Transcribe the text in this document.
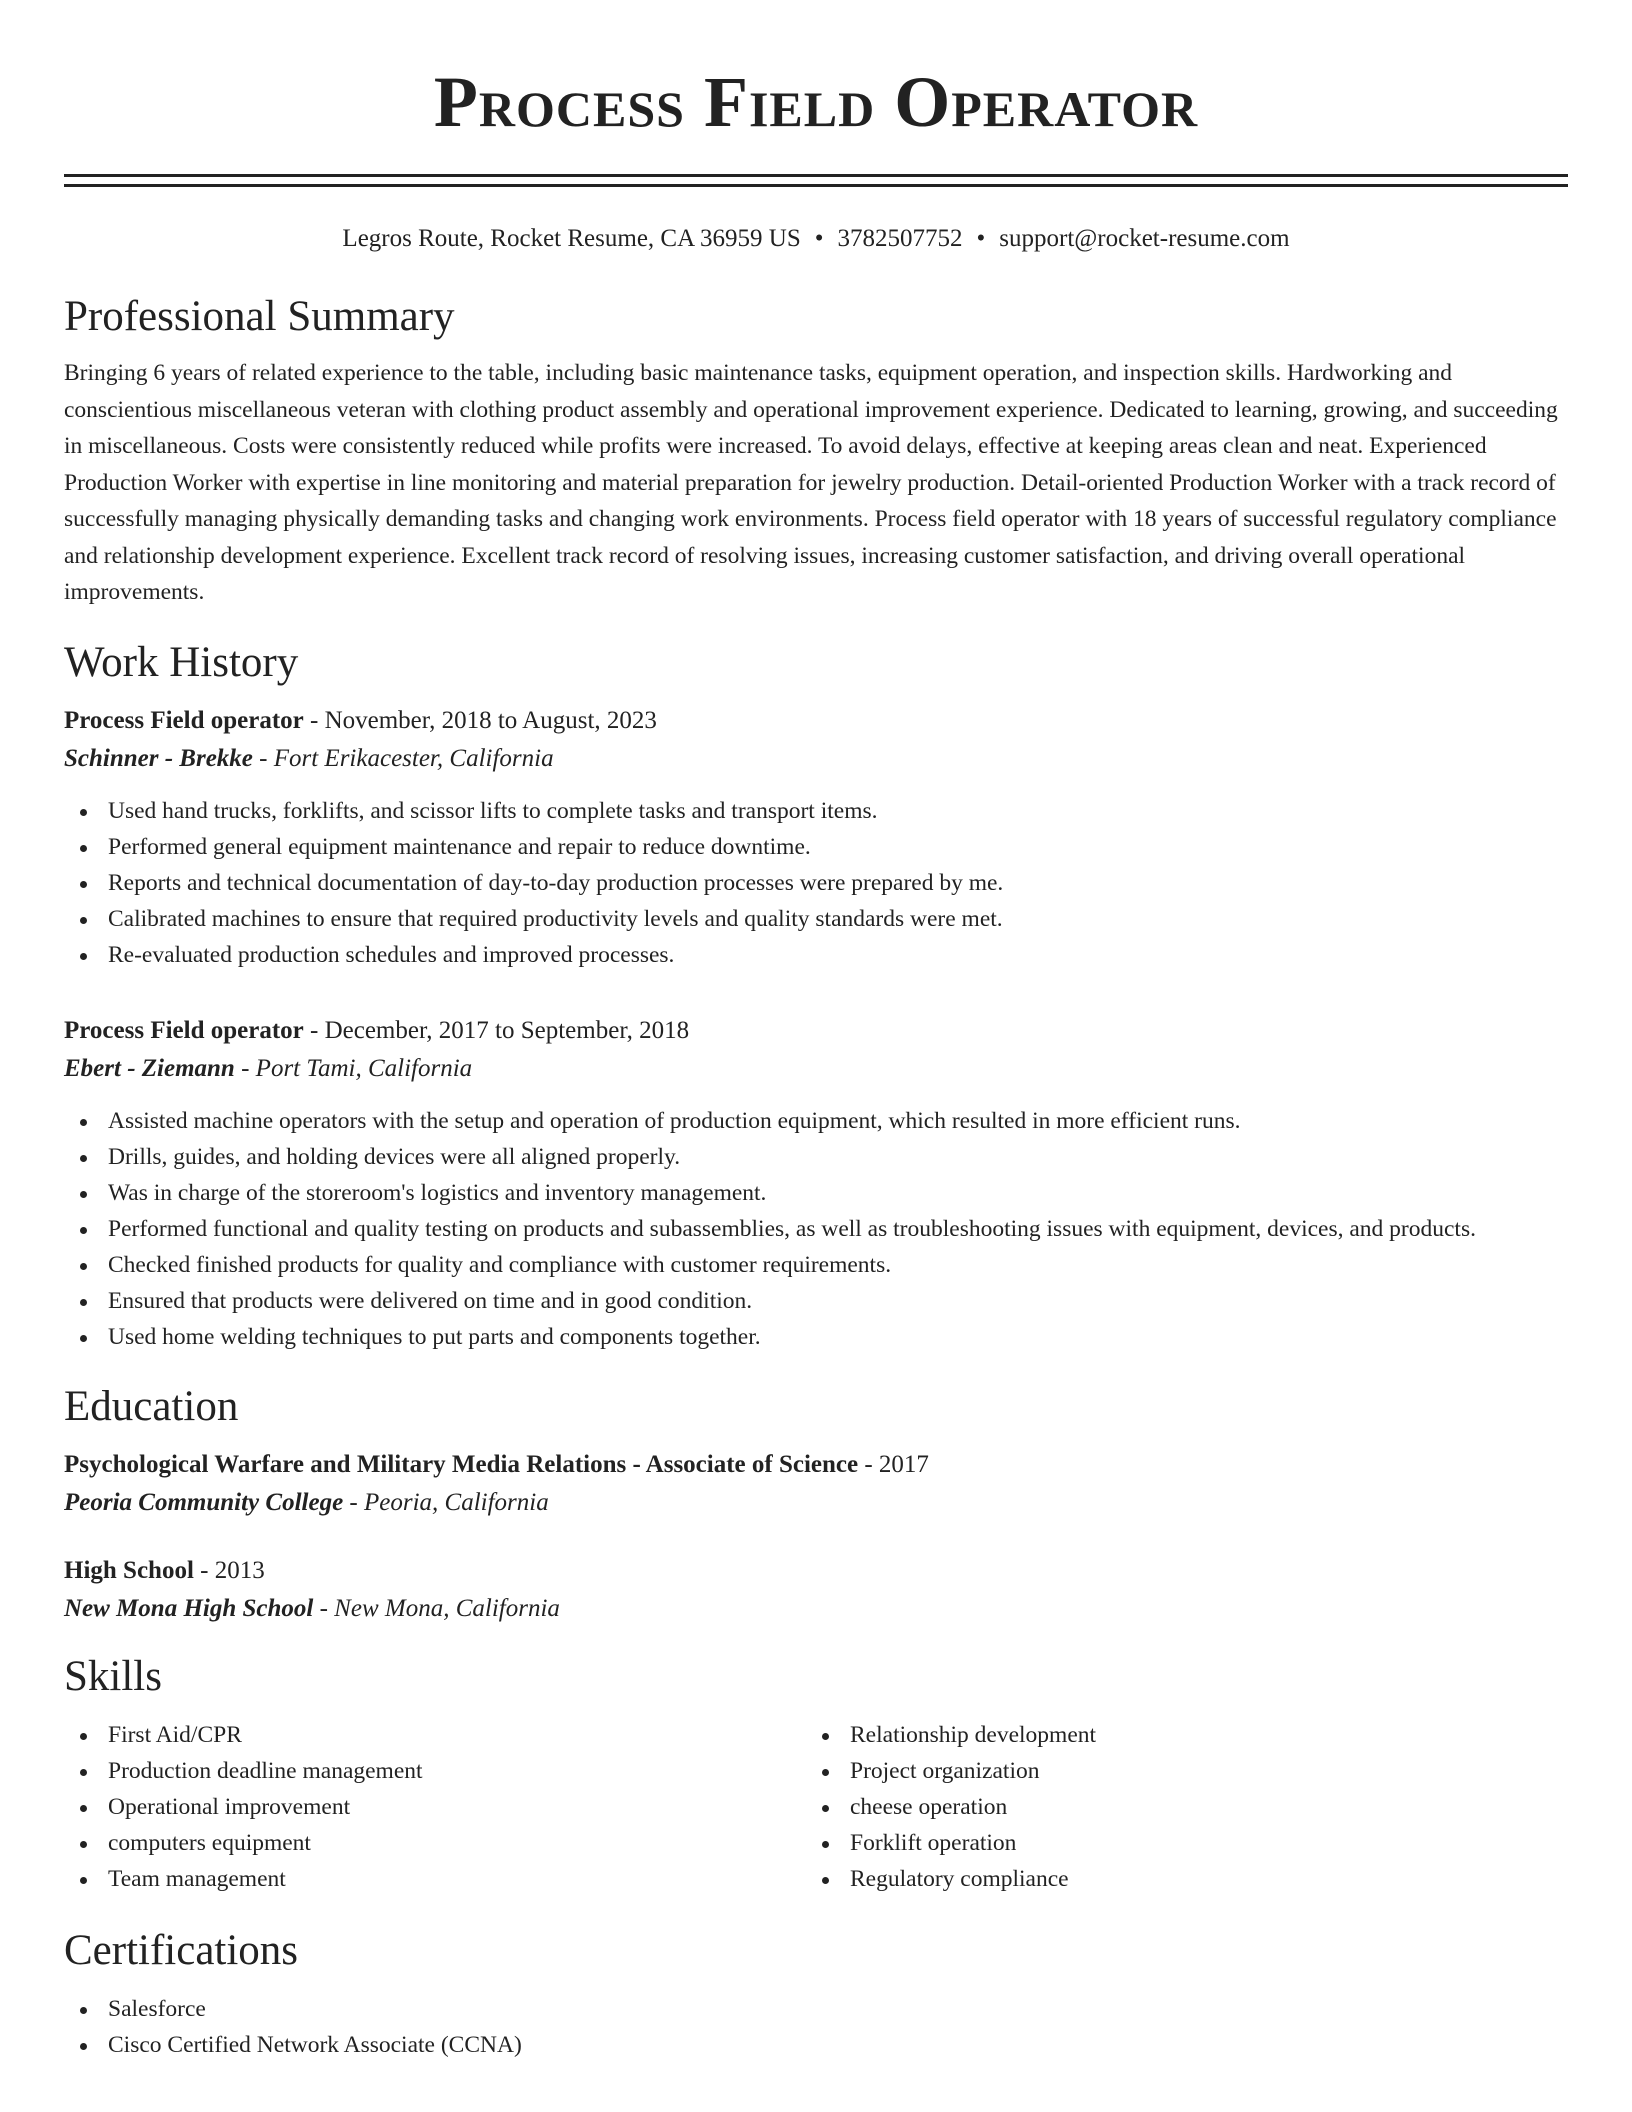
Process Field Operator
Legros Route, Rocket Resume, CA 36959 US • 3782507752 • support@rocket-resume.com
Professional Summary

Bringing 6 years of related experience to the table, including basic maintenance tasks, equipment operation, and inspection skills. Hardworking and conscientious miscellaneous veteran with clothing product assembly and operational improvement experience. Dedicated to learning, growing, and succeeding in miscellaneous. Costs were consistently reduced while profits were increased. To avoid delays, effective at keeping areas clean and neat. Experienced Production Worker with expertise in line monitoring and material preparation for jewelry production. Detail-oriented Production Worker with a track record of successfully managing physically demanding tasks and changing work environments. Process field operator with 18 years of successful regulatory compliance and relationship development experience. Excellent track record of resolving issues, increasing customer satisfaction, and driving overall operational improvements.

Work History
Process Field operator - November, 2018 to August, 2023
Schinner - Brekke - Fort Erikacester, California
Used hand trucks, forklifts, and scissor lifts to complete tasks and transport items.
Performed general equipment maintenance and repair to reduce downtime.
Reports and technical documentation of day-to-day production processes were prepared by me.
Calibrated machines to ensure that required productivity levels and quality standards were met.
Re-evaluated production schedules and improved processes.
Process Field operator - December, 2017 to September, 2018
Ebert - Ziemann - Port Tami, California
Assisted machine operators with the setup and operation of production equipment, which resulted in more efficient runs.
Drills, guides, and holding devices were all aligned properly.
Was in charge of the storeroom's logistics and inventory management.
Performed functional and quality testing on products and subassemblies, as well as troubleshooting issues with equipment, devices, and products.
Checked finished products for quality and compliance with customer requirements.
Ensured that products were delivered on time and in good condition.
Used home welding techniques to put parts and components together.
Education
Psychological Warfare and Military Media Relations - Associate of Science - 2017
Peoria Community College - Peoria, California
High School - 2013
New Mona High School - New Mona, California
Skills
First Aid/CPR
Production deadline management
Operational improvement
computers equipment
Team management
Relationship development
Project organization
cheese operation
Forklift operation
Regulatory compliance
Certifications
Salesforce
Cisco Certified Network Associate (CCNA)
